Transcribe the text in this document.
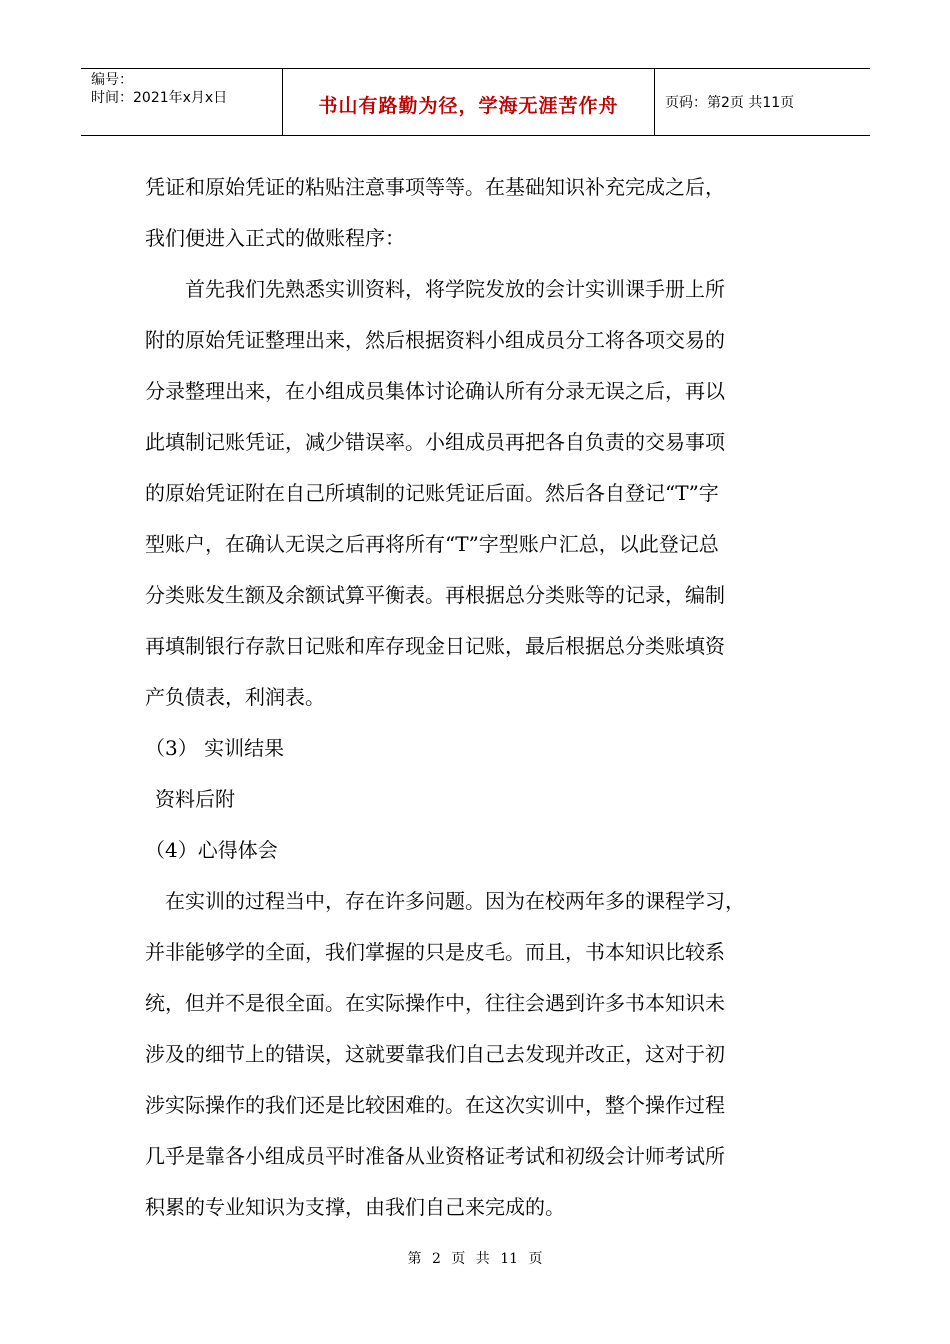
编号：
时间：2021年x月x日	书山有路勤为径，学海无涯苦作舟	页码：第2页 共11页

凭证和原始凭证的粘贴注意事项等等。在基础知识补充完成之后，

我们便进入正式的做账程序：

首先我们先熟悉实训资料，将学院发放的会计实训课手册上所

附的原始凭证整理出来，然后根据资料小组成员分工将各项交易的

分录整理出来，在小组成员集体讨论确认所有分录无误之后，再以

此填制记账凭证，减少错误率。小组成员再把各自负责的交易事项

的原始凭证附在自己所填制的记账凭证后面。然后各自登记“T”字

型账户，在确认无误之后再将所有“T”字型账户汇总，以此登记总

分类账发生额及余额试算平衡表。再根据总分类账等的记录，编制

再填制银行存款日记账和库存现金日记账，最后根据总分类账填资

产负债表，利润表。

（3） 实训结果

资料后附

（4）心得体会

在实训的过程当中，存在许多问题。因为在校两年多的课程学习，

并非能够学的全面，我们掌握的只是皮毛。而且，书本知识比较系

统，但并不是很全面。在实际操作中，往往会遇到许多书本知识未

涉及的细节上的错误，这就要靠我们自己去发现并改正，这对于初

涉实际操作的我们还是比较困难的。在这次实训中，整个操作过程

几乎是靠各小组成员平时准备从业资格证考试和初级会计师考试所

积累的专业知识为支撑，由我们自己来完成的。

第 2 页 共 11 页
